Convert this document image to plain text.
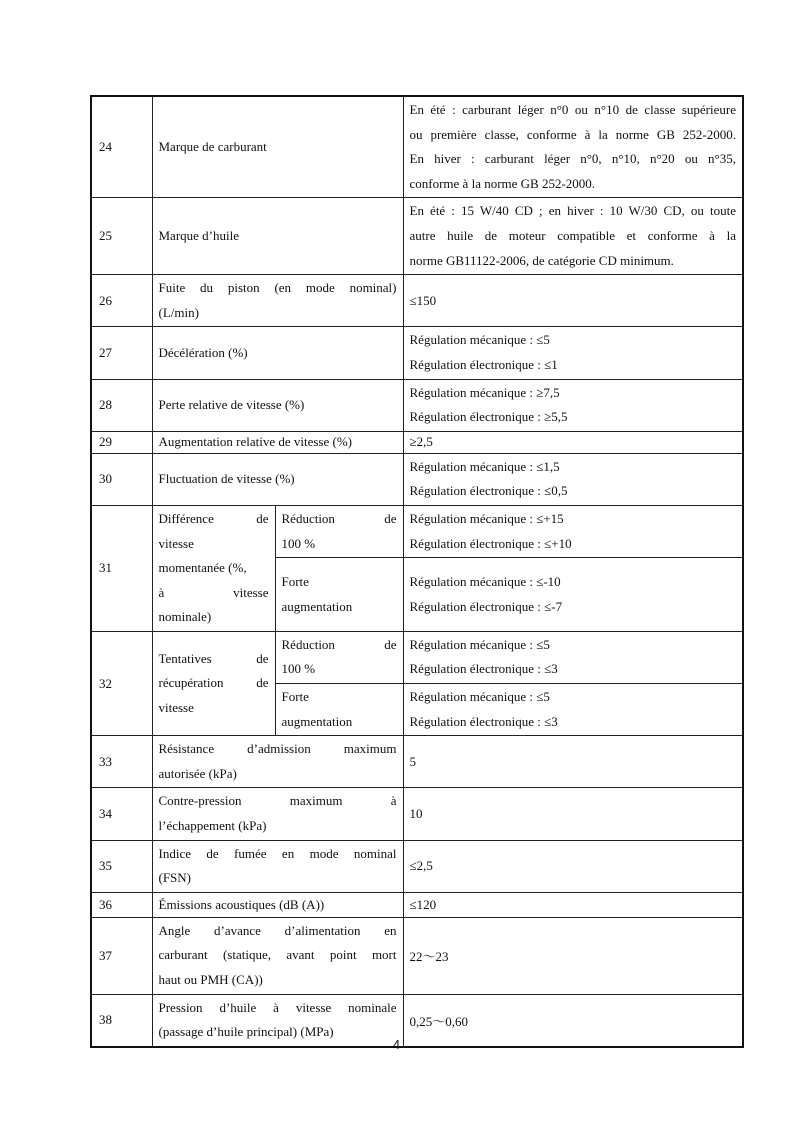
24	Marque de carburant		En été : carburant léger n°0 ou n°10 de classe supérieure
ou première classe, conforme à la norme GB 252-2000.
En hiver : carburant léger n°0, n°10, n°20 ou n°35,
conforme à la norme GB 252-2000.

25	Marque d’huile		En été : 15 W/40 CD ; en hiver : 10 W/30 CD, ou toute
autre huile de moteur compatible et conforme à la
norme GB11122-2006, de catégorie CD minimum.

26	Fuite du piston (en mode nominal)
(L/min)		≤150
27	Décélération (%)		Régulation mécanique : ≤5
Régulation électronique : ≤1

28	Perte relative de vitesse (%)		Régulation mécanique : ≥7,5
Régulation électronique : ≥5,5

29	Augmentation relative de vitesse (%)		≥2,5
30	Fluctuation de vitesse (%)		Régulation mécanique : ≤1,5
Régulation électronique : ≤0,5

31	Différence de
vitesse
momentanée (%,
à vitesse
nominale)	Réduction de
100 %	Régulation mécanique : ≤+15
Régulation électronique : ≤+10

		Forte
augmentation	Régulation mécanique : ≤-10
Régulation électronique : ≤-7

32	Tentatives de
récupération de
vitesse	Réduction de
100 %	Régulation mécanique : ≤5
Régulation électronique : ≤3

		Forte
augmentation	Régulation mécanique : ≤5
Régulation électronique : ≤3

33	Résistance d’admission maximum
autorisée (kPa)		5
34	Contre-pression maximum à
l’échappement (kPa)		10
35	Indice de fumée en mode nominal
(FSN)		≤2,5
36	Émissions acoustiques (dB (A))		≤120
37	Angle d’avance d’alimentation en
carburant (statique, avant point mort
haut ou PMH (CA))		22～23
38	Pression d’huile à vitesse nominale
(passage d’huile principal) (MPa)		0,25～0,60
4
